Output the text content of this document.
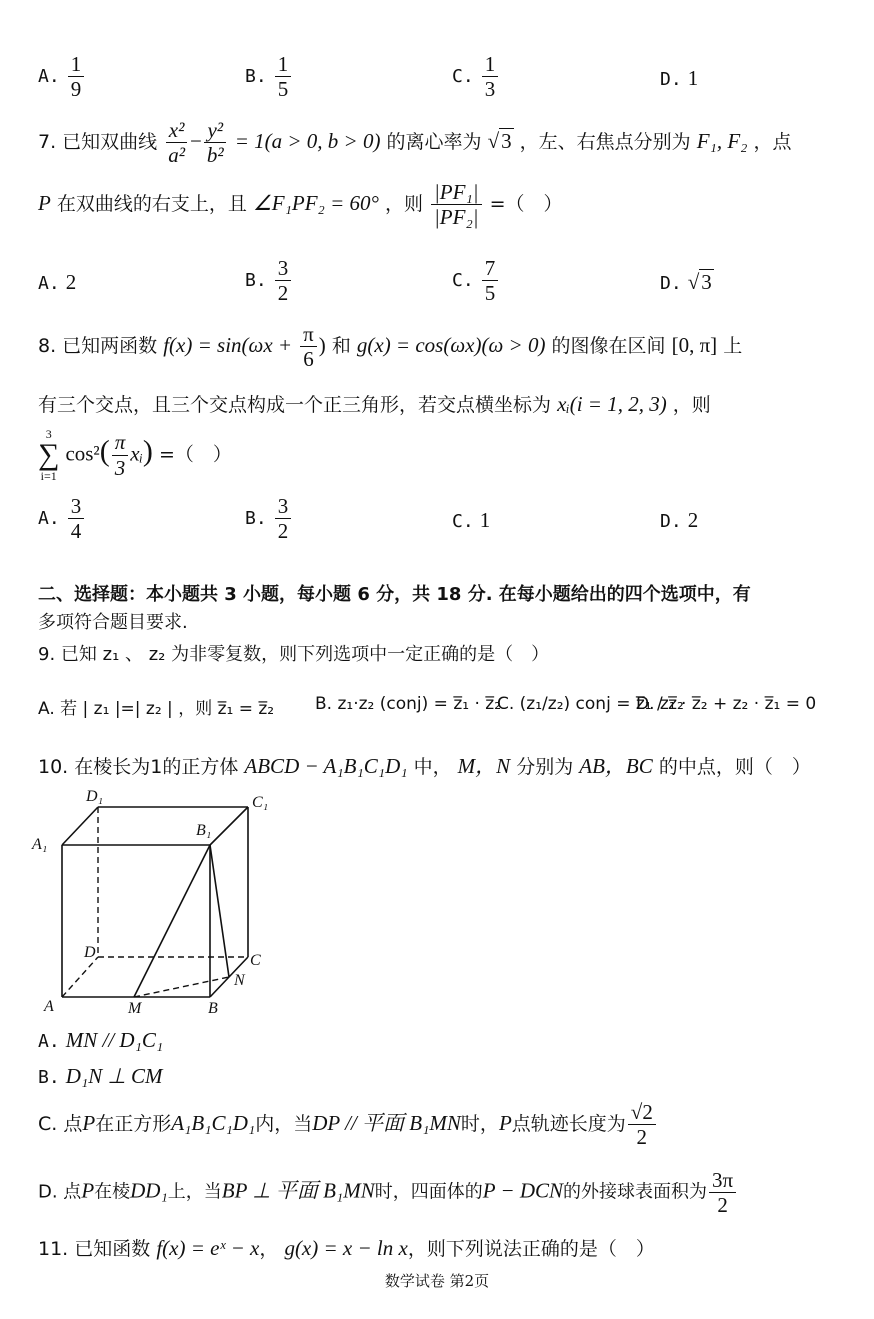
A. $\frac{1}{9}$	B. $\frac{1}{5}$	C. $\frac{1}{3}$	D. 1
7. 已知双曲线 $\frac{\text{x²}}{\text{a²}} - \frac{\text{y²}}{\text{b²}} = 1(a > 0$, b > 0) 的离心率为 √3 ，左、右焦点分别为 F₁, F₂ ，点
P 在双曲线的右支上，且 ∠F₁PF₂ = 60° ，则 $\frac{\text{|PF₁|}}{\text{|PF₂|}}$ =（　）
A. 2	B. $\frac{3}{2}$	C. $\frac{7}{5}$	D. √3
8. 已知两函数 $f(x) = \sin(\omega x + \frac{\pi}{6}$ ) 和 g(x) = cos(ωx)(ω > 0) 的图像在区间 [0, π] 上
有三个交点，且三个交点构成一个正三角形，若交点横坐标为 xᵢ(i = 1, 2, 3) ，则
3
∑
i=1
$\cos^2( \frac{\pi}{3}$ xᵢ) =（　）
A. $\frac{3}{4}$	B. $\frac{3}{2}$	C. 1	D. 2
二、选择题：本小题共 3 小题，每小题 6 分，共 18 分. 在每小题给出的四个选项中，有
多项符合题目要求.
9. 已知 z₁ 、 z₂ 为非零复数，则下列选项中一定正确的是（　）
A. 若 | z₁ |=| z₂ | ，则 z̅₁ = z̅₂ B. z₁·z₂ (conj) = z̅₁ · z̅₂
C. (z₁/z₂) conj = z̅₁ / z̅₂
D. z₁ · z̅₂ + z₂ · z̅₁ = 0
10. 在棱长为1的正方体 ABCD − A₁B₁C₁D₁ 中， M，N 分别为 AB，BC 的中点，则（　）
D₁	C₁
A₁
B₁
D	C
N
A	M	B
A. MN // D₁C₁
B. D₁N ⊥ CM
C. 点P在正方形A₁B₁C₁D₁内，当DP // 平面 B₁MN时，P点轨迹长度为 $\frac{√2}{2}$
D. 点P在棱DD₁上，当BP ⊥ 平面 B₁MN时，四面体的P − DCN的外接球表面积为 $\frac{3\pi}{2}$
11. 已知函数 f(x) = eˣ − x， g(x) = x − ln x，则下列说法正确的是（　）
数学试卷 第2页
